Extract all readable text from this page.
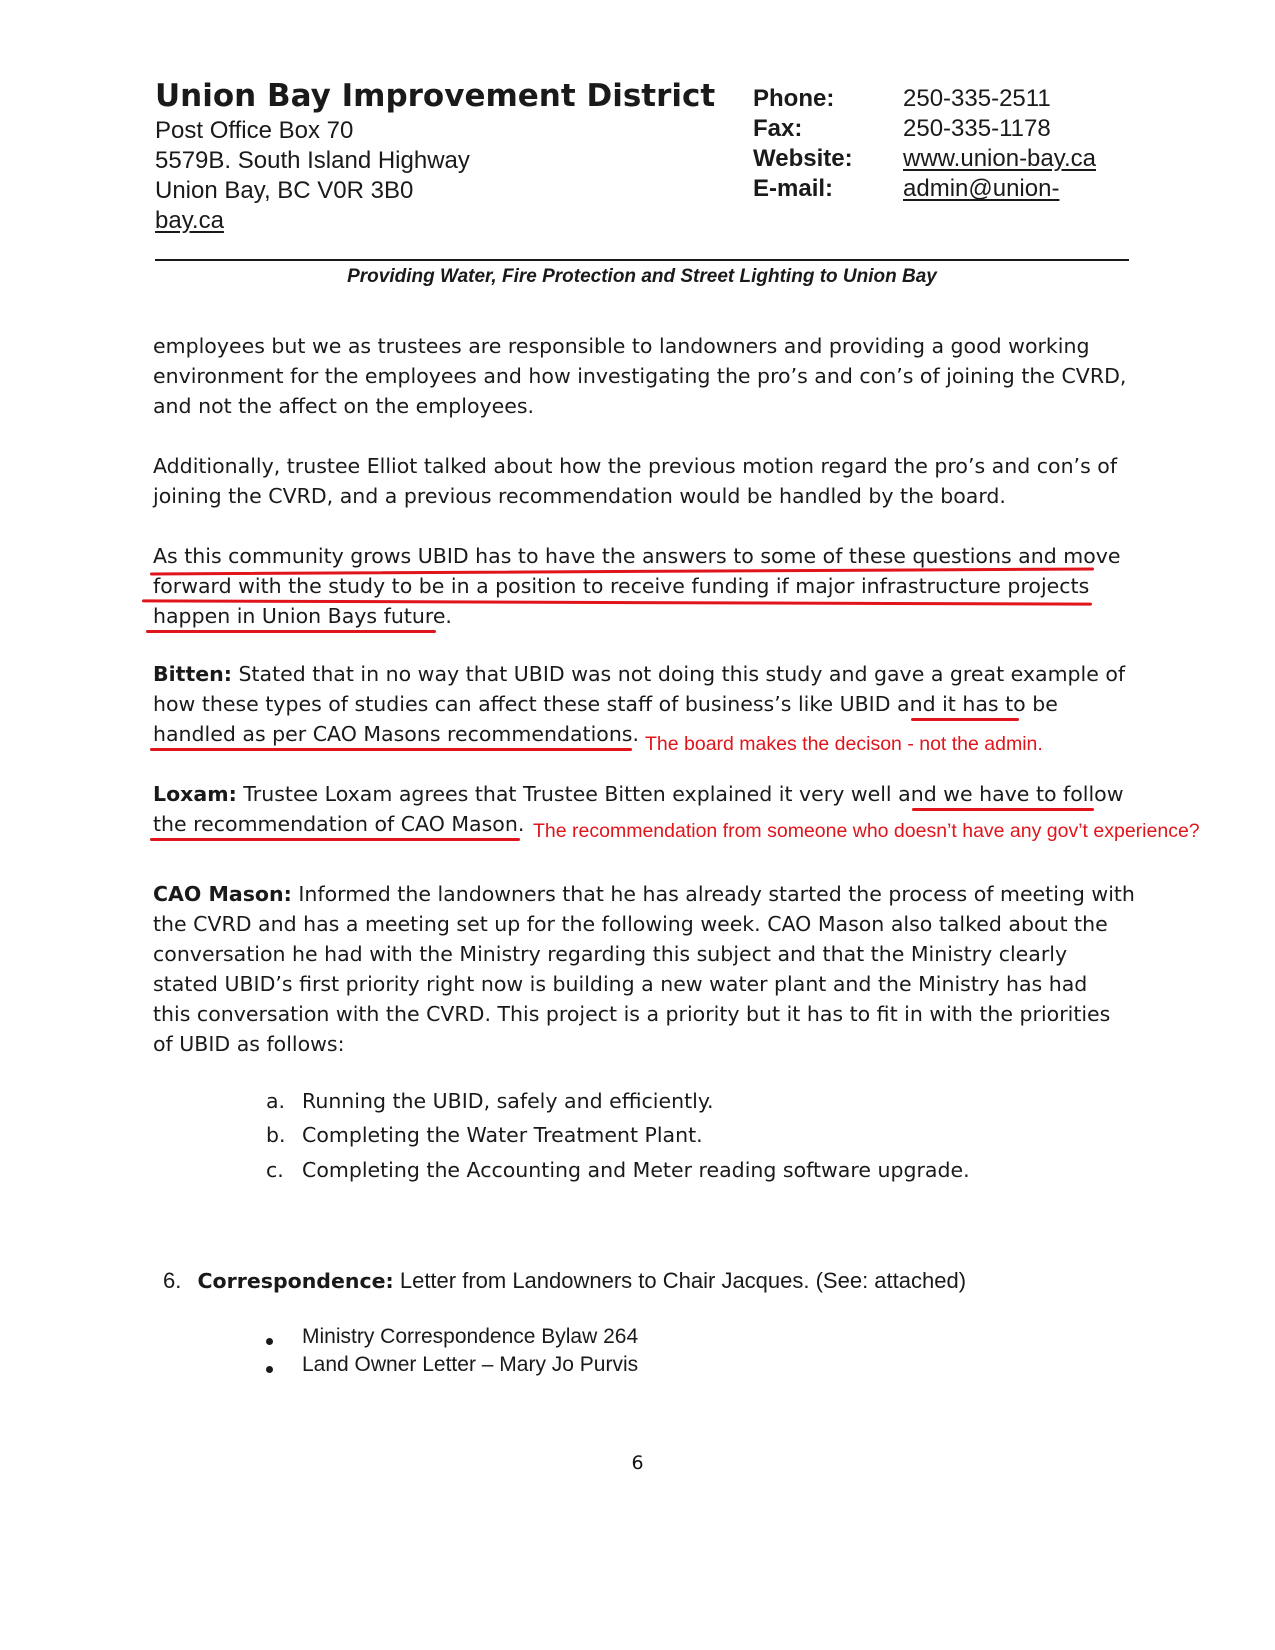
Union Bay Improvement District
Post Office Box 70
5579B. South Island Highway
Union Bay, BC V0R 3B0
bay.ca
Phone:	250-335-2511
Fax:	250-335-1178
Website: www.union-bay.ca
E-mail:	admin@union-
Providing Water, Fire Protection and Street Lighting to Union Bay
employees but we as trustees are responsible to landowners and providing a good working
environment for the employees and how investigating the pro’s and con’s of joining the CVRD,
and not the affect on the employees.
Additionally, trustee Elliot talked about how the previous motion regard the pro’s and con’s of
joining the CVRD, and a previous recommendation would be handled by the board.
As this community grows UBID has to have the answers to some of these questions and move
forward with the study to be in a position to receive funding if major infrastructure projects
happen in Union Bays future.
Bitten: Stated that in no way that UBID was not doing this study and gave a great example of
how these types of studies can affect these staff of business’s like UBID and it has to be
handled as per CAO Masons recommendations. The board makes the decison - not the admin.
Loxam: Trustee Loxam agrees that Trustee Bitten explained it very well and we have to follow
the recommendation of CAO Mason. The recommendation from someone who doesn’t have any gov’t experience?
CAO Mason: Informed the landowners that he has already started the process of meeting with
the CVRD and has a meeting set up for the following week. CAO Mason also talked about the
conversation he had with the Ministry regarding this subject and that the Ministry clearly
stated UBID’s first priority right now is building a new water plant and the Ministry has had
this conversation with the CVRD. This project is a priority but it has to fit in with the priorities
of UBID as follows:
a. Running the UBID, safely and efficiently.
b. Completing the Water Treatment Plant.
c. Completing the Accounting and Meter reading software upgrade.
6. Correspondence: Letter from Landowners to Chair Jacques. (See: attached)
Ministry Correspondence Bylaw 264
Land Owner Letter – Mary Jo Purvis
6
